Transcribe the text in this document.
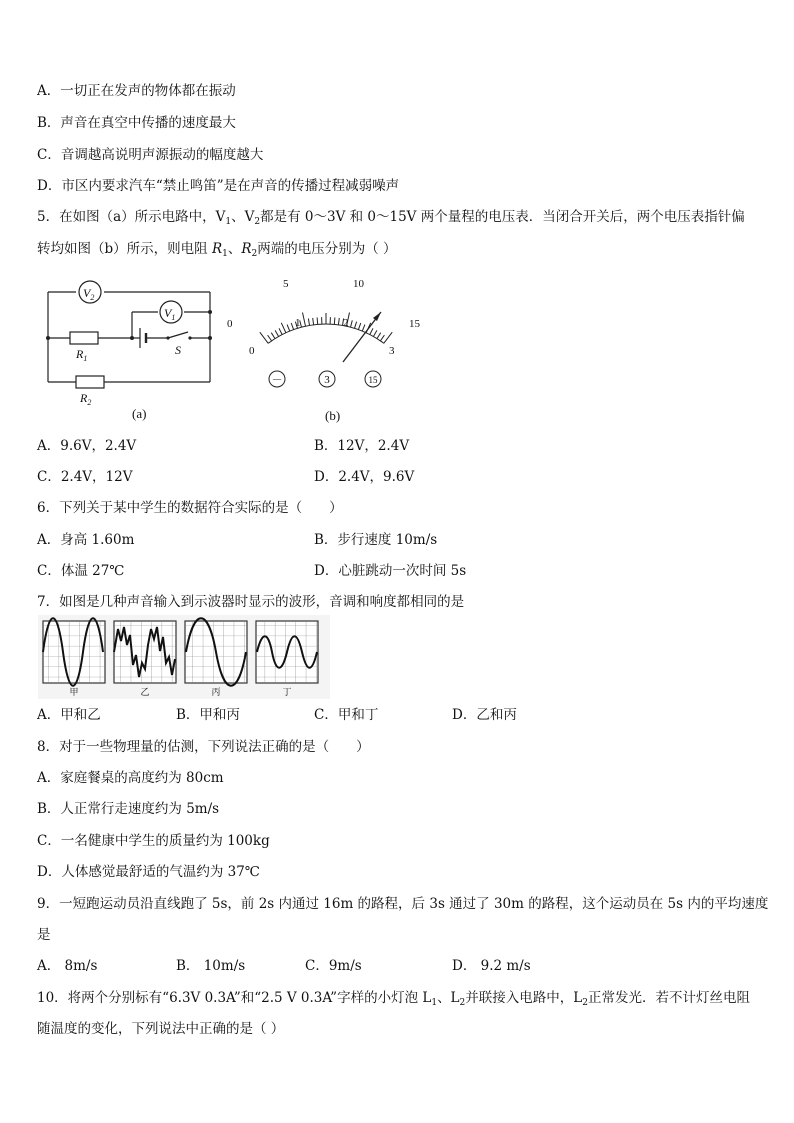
A．一切正在发声的物体都在振动
B．声音在真空中传播的速度最大
C．音调越高说明声源振动的幅度越大
D．市区内要求汽车“禁止鸣笛”是在声音的传播过程减弱噪声
5．在如图（a）所示电路中，$V_1$、$V_2$都是有 0～3V 和 0～15V 两个量程的电压表．当闭合开关后，两个电压表指针偏
转均如图（b）所示，则电阻 $R_1$、$R_2$两端的电压分别为（ ）
$V_2$
$V_1$
$R_1$
S
$R_2$
(a)
0
5	10
15
0
1	2
3
－	3	15
(b)
A．9.6V，2.4V	B．12V，2.4V
C．2.4V，12V	D．2.4V，9.6V
6．下列关于某中学生的数据符合实际的是（　　）
A．身高 1.60m	B．步行速度 10m/s
C．体温 27℃	D．心脏跳动一次时间 5s
7．如图是几种声音输入到示波器时显示的波形，音调和响度都相同的是
甲	乙	丙	丁
A．甲和乙	B．甲和丙	C．甲和丁	D．乙和丙
8．对于一些物理量的估测，下列说法正确的是（　　）
A．家庭餐桌的高度约为 80cm
B．人正常行走速度约为 5m/s
C．一名健康中学生的质量约为 100kg
D．人体感觉最舒适的气温约为 37℃
9．一短跑运动员沿直线跑了 5s，前 2s 内通过 16m 的路程，后 3s 通过了 30m 的路程，这个运动员在 5s 内的平均速度
是
A． 8m/s	B． 10m/s	C．9m/s	D． 9.2 m/s
10．将两个分别标有“6.3V 0.3A”和“2.5 V 0.3A”字样的小灯泡 $L_1$、$L_2$并联接入电路中，$L_2$正常发光．若不计灯丝电阻
随温度的变化，下列说法中正确的是（ ）
